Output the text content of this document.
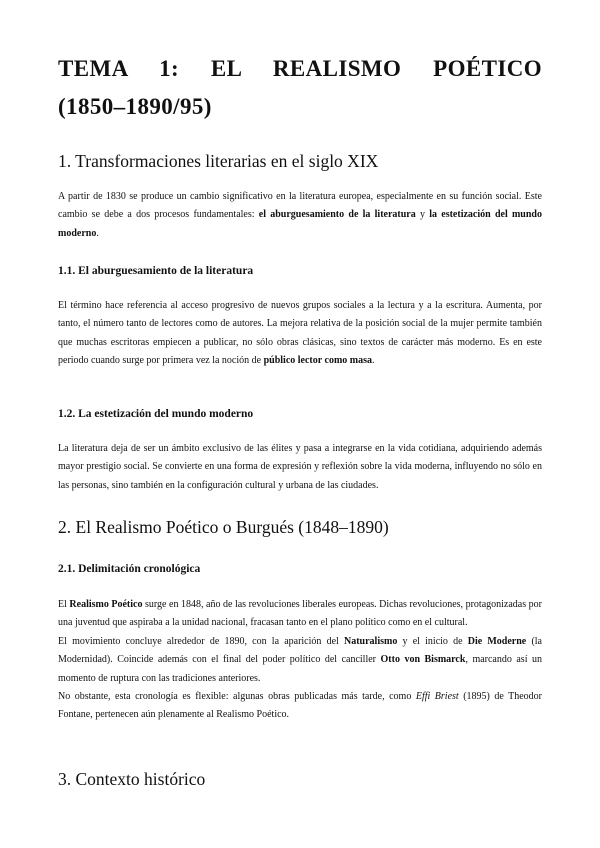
TEMA 1: EL REALISMO POÉTICO
(1850–1890/95)
1. Transformaciones literarias en el siglo XIX

A partir de 1830 se produce un cambio significativo en la literatura europea, especialmente en su función social. Este cambio se debe a dos procesos fundamentales: el aburguesamiento de la literatura y la estetización del mundo moderno.

1.1. El aburguesamiento de la literatura

El término hace referencia al acceso progresivo de nuevos grupos sociales a la lectura y a la escritura. Aumenta, por tanto, el número tanto de lectores como de autores. La mejora relativa de la posición social de la mujer permite también que muchas escritoras empiecen a publicar, no sólo obras clásicas, sino textos de carácter más moderno. Es en este periodo cuando surge por primera vez la noción de público lector como masa.

1.2. La estetización del mundo moderno

La literatura deja de ser un ámbito exclusivo de las élites y pasa a integrarse en la vida cotidiana, adquiriendo además mayor prestigio social. Se convierte en una forma de expresión y reflexión sobre la vida moderna, influyendo no sólo en las personas, sino también en la configuración cultural y urbana de las ciudades.

2. El Realismo Poético o Burgués (1848–1890)
2.1. Delimitación cronológica

El Realismo Poético surge en 1848, año de las revoluciones liberales europeas. Dichas revoluciones, protagonizadas por una juventud que aspiraba a la unidad nacional, fracasan tanto en el plano político como en el cultural.

El movimiento concluye alrededor de 1890, con la aparición del Naturalismo y el inicio de Die Moderne (la Modernidad). Coincide además con el final del poder político del canciller Otto von Bismarck, marcando así un momento de ruptura con las tradiciones anteriores.

No obstante, esta cronología es flexible: algunas obras publicadas más tarde, como Effi Briest (1895) de Theodor Fontane, pertenecen aún plenamente al Realismo Poético.

3. Contexto histórico
